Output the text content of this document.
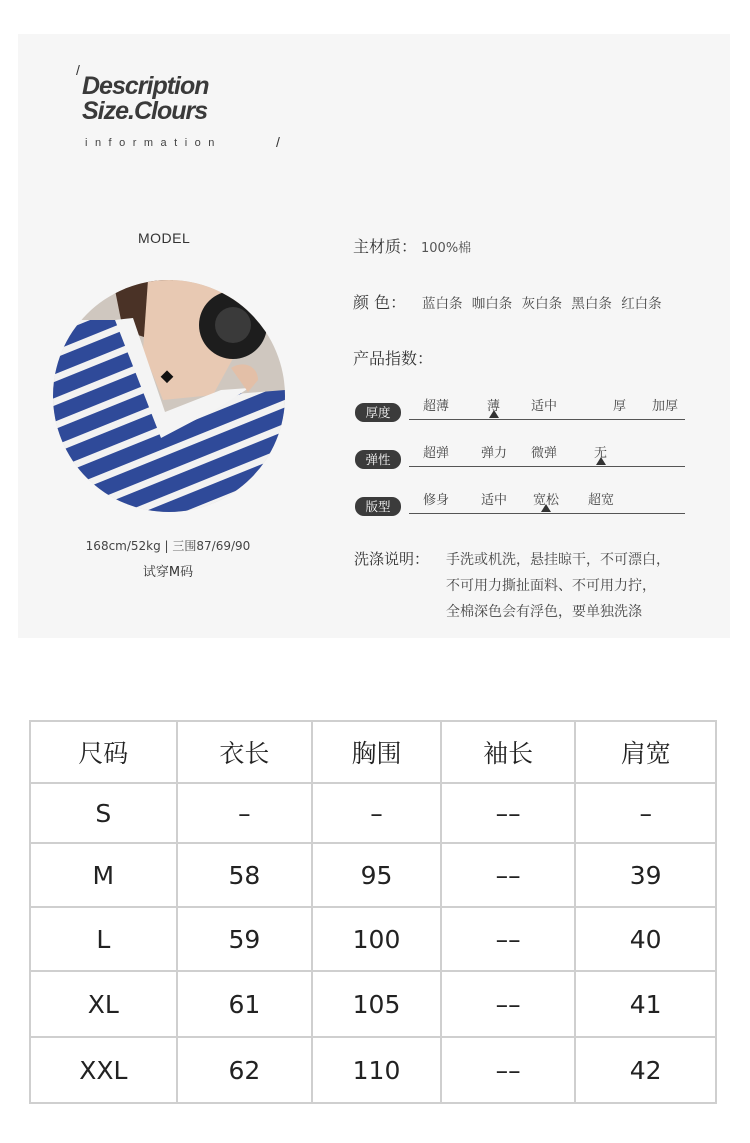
/
Description
Size.Clours
information	/
MODEL
168cm/52kg | 三围87/69/90
试穿M码
主材质： 100%棉
颜 色： 蓝白条 咖白条 灰白条 黑白条 红白条
产品指数：
厚度	超薄	薄 适中	厚 加厚
弹性	超弹 弹力 微弹	无
版型	修身 适中 宽松 超宽
洗涤说明： 手洗或机洗，悬挂晾干，不可漂白，
不可用力撕扯面料、不可用力拧，
全棉深色会有浮色，要单独洗涤
尺码	衣长	胸围	袖长	肩宽
S	–	–	––	–
M	58	95	––	39
L	59	100	––	40
XL	61	105	––	41
XXL	62	110	––	42
